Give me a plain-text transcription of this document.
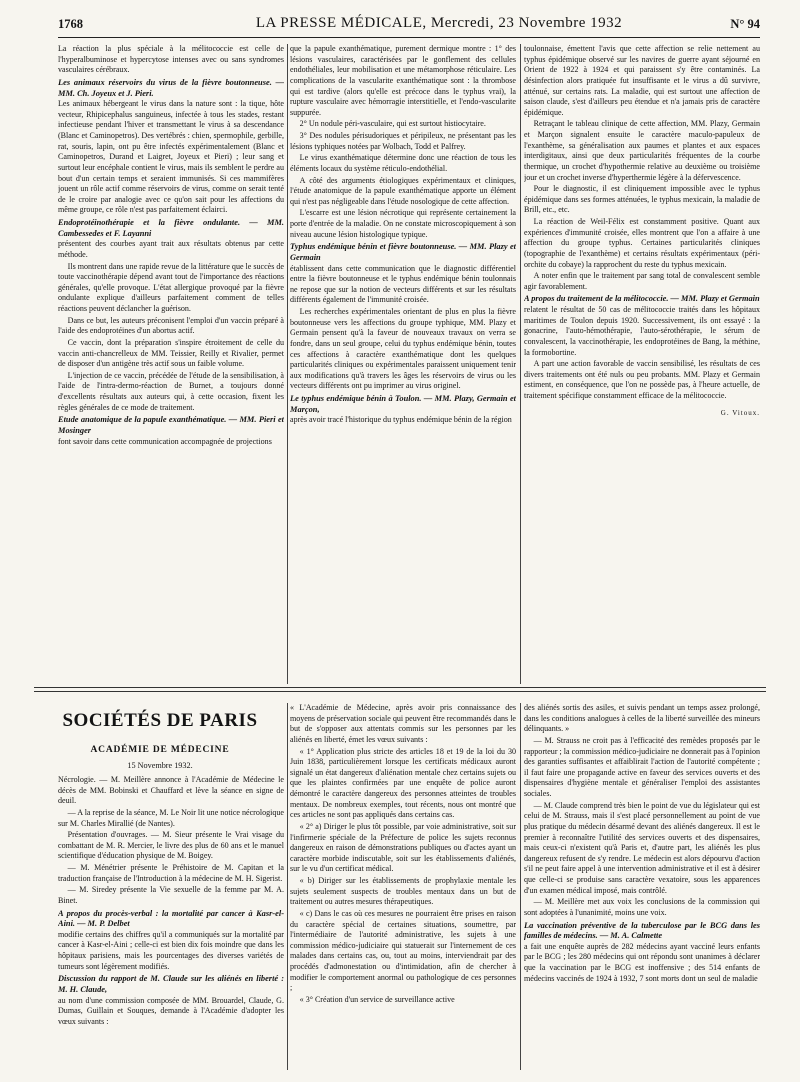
1768	LA PRESSE MÉDICALE, Mercredi, 23 Novembre 1932	N° 94

La réaction la plus spéciale à la mélitococcie est celle de l'hyperalbuminose et hypercytose intenses avec ou sans syndromes vasculaires cérébraux.

Les animaux réservoirs du virus de la fièvre boutonneuse. — MM. Ch. Joyeux et J. Pieri.

Les animaux hébergeant le virus dans la nature sont : la tique, hôte vecteur, Rhipicephalus sanguineus, infectée à tous les stades, restant infectieuse pendant l'hiver et transmettant le virus à sa descendance (Blanc et Caminopetros). Des vertébrés : chien, spermophile, gerbille, rat, souris, lapin, ont pu être infectés expérimentalement (Blanc et Caminopetros, Durand et Laigret, Joyeux et Pieri) ; leur sang et surtout leur encéphale contient le virus, mais ils semblent le perdre au bout d'un certain temps et seraient immunisés. Si ces mammifères jouent un rôle actif comme réservoirs de virus, comme on serait tenté de le croire par analogie avec ce qu'on sait pour les affections du même groupe, ce rôle n'est pas parfaitement éclairci.

Endoprotéinothérapie et la fièvre ondulante. — MM. Cambessedes et F. Layanni

présentent des courbes ayant trait aux résultats obtenus par cette méthode.

Ils montrent dans une rapide revue de la littérature que le succès de toute vaccinothérapie dépend avant tout de l'importance des réactions générales, qu'elle provoque. L'état allergique provoqué par la fièvre ondulante explique d'ailleurs parfaitement comment de telles réactions peuvent déclancher la guérison.

Dans ce but, les auteurs préconisent l'emploi d'un vaccin préparé à l'aide des endoprotéines d'un abortus actif.

Ce vaccin, dont la préparation s'inspire étroitement de celle du vaccin anti-chancrelleux de MM. Teissier, Reilly et Rivalier, permet de disposer d'un antigène très actif sous un faible volume.

L'injection de ce vaccin, précédée de l'étude de la sensibilisation, à l'aide de l'intra-dermo-réaction de Burnet, a toujours donné d'excellents résultats aux auteurs qui, à cette occasion, fixent les règles générales de ce mode de traitement.

Etude anatomique de la papule exanthématique. — MM. Pieri et Mosinger

font savoir dans cette communication accompagnée de projections

que la papule exanthématique, purement dermique montre : 1° des lésions vasculaires, caractérisées par le gonflement des cellules endothéliales, leur mobilisation et une métamorphose réticulaire. Les complications de la vascularite exanthématique sont : la thrombose qui est tardive (alors qu'elle est précoce dans le typhus vrai), la rupture vasculaire avec hémorragie interstitielle, et l'endo-vascularite suppurée.

2° Un nodule péri-vasculaire, qui est surtout histiocytaire.

3° Des nodules périsudoriques et péripileux, ne présentant pas les lésions typhiques notées par Wolbach, Todd et Palfrey.

Le virus exanthématique détermine donc une réaction de tous les éléments locaux du système réticulo-endothélial.

A côté des arguments étiologiques expérimentaux et cliniques, l'étude anatomique de la papule exanthématique apporte un élément qui n'est pas négligeable dans l'étude nosologique de cette affection.

L'escarre est une lésion nécrotique qui représente certainement la porte d'entrée de la maladie. On ne constate microscopiquement à son niveau aucune lésion histologique typique.

Typhus endémique bénin et fièvre boutonneuse. — MM. Plazy et Germain

établissent dans cette communication que le diagnostic différentiel entre la fièvre boutonneuse et le typhus endémique bénin toulonnais ne repose que sur la notion de vecteurs différents et sur les résultats différents également de l'immunité croisée.

Les recherches expérimentales orientant de plus en plus la fièvre boutonneuse vers les affections du groupe typhique, MM. Plazy et Germain pensent qu'à la faveur de nouveaux travaux on verra se fondre, dans un seul groupe, celui du typhus endémique bénin, toutes ces affections à caractère exanthématique dont les quelques particularités cliniques ou expérimentales paraissent uniquement tenir aux modifications qu'à travers les âges les réservoirs de virus ou les vecteurs différents ont pu imprimer au virus originel.

Le typhus endémique bénin à Toulon. — MM. Plazy, Germain et Marçon,

après avoir tracé l'historique du typhus endémique bénin de la région

toulonnaise, émettent l'avis que cette affection se relie nettement au typhus épidémique observé sur les navires de guerre ayant séjourné en Orient de 1922 à 1924 et qui paraissent s'y être contaminés. La désinfection alors pratiquée fut insuffisante et le virus a dû survivre, atténué, sur certains rats. La maladie, qui est surtout une affection de saison claude, s'est d'ailleurs peu étendue et n'a jamais pris de caractère épidémique.

Retraçant le tableau clinique de cette affection, MM. Plazy, Germain et Marçon signalent ensuite le caractère maculo-papuleux de l'exanthème, sa généralisation aux paumes et plantes et aux espaces interdigitaux, ainsi que deux particularités fréquentes de la courbe thermique, un crochet d'hypothermie relative au deuxième ou troisième jour et un crochet inverse d'hyperthermie légère à la défervescence.

Pour le diagnostic, il est cliniquement impossible avec le typhus épidémique dans ses formes atténuées, le typhus mexicain, la maladie de Brill, etc., etc.

La réaction de Weil-Félix est constamment positive. Quant aux expériences d'immunité croisée, elles montrent que l'on a affaire à une affection du groupe typhus. Certaines particularités cliniques (topographie de l'exanthème) et certains résultats expérimentaux (péri-orchite du cobaye) la rapprochent du reste du typhus mexicain.

A noter enfin que le traitement par sang total de convalescent semble agir favorablement.

A propos du traitement de la mélitococcie. — MM. Plazy et Germain

relatent le résultat de 50 cas de mélitococcie traités dans les hôpitaux maritimes de Toulon depuis 1920. Successivement, ils ont essayé : la gonacrine, l'auto-hémothérapie, l'auto-sérothérapie, le sérum de convalescent, la vaccinothérapie, les endoprotéines de Bang, la méthine, la formobortine.

A part une action favorable de vaccin sensibilisé, les résultats de ces divers traitements ont été nuls ou peu probants. MM. Plazy et Germain estiment, en conséquence, que l'on ne possède pas, à l'heure actuelle, de traitement spécifique constamment efficace de la mélitococcie.

G. Vitoux.
SOCIÉTÉS DE PARIS
ACADÉMIE DE MÉDECINE
15 Novembre 1932.

Nécrologie. — M. Meillère annonce à l'Académie de Médecine le décès de MM. Bobinski et Chauffard et lève la séance en signe de deuil.

— A la reprise de la séance, M. Le Noir lit une notice nécrologique sur M. Charles Mirallié (de Nantes).

Présentation d'ouvrages. — M. Sieur présente le Vrai visage du combattant de M. R. Mercier, le livre des plus de 60 ans et le manuel scientifique d'éducation physique de M. Boigey.

— M. Ménétrier présente le Préhistoire de M. Capitan et la traduction française de l'Introduction à la médecine de M. H. Sigerist.

— M. Siredey présente la Vie sexuelle de la femme par M. A. Binet.

A propos du procès-verbal : la mortalité par cancer à Kasr-el-Aini. — M. P. Delbet

modifie certains des chiffres qu'il a communiqués sur la mortalité par cancer à Kasr-el-Aini ; celle-ci est bien dix fois moindre que dans les hôpitaux parisiens, mais les pourcentages des diverses variétés de tumeurs sont légèrement modifiés.

Discussion du rapport de M. Claude sur les aliénés en liberté : M. H. Claude,

au nom d'une commission composée de MM. Brouardel, Claude, G. Dumas, Guillain et Souques, demande à l'Académie d'adopter les vœux suivants :

« L'Académie de Médecine, après avoir pris connaissance des moyens de préservation sociale qui peuvent être recommandés dans le but de s'opposer aux attentats commis sur les personnes par les aliénés en liberté, émet les vœux suivants :

« 1° Application plus stricte des articles 18 et 19 de la loi du 30 Juin 1838, particulièrement lorsque les certificats médicaux auront signalé un état dangereux d'aliénation mentale chez certains sujets ou que les plaintes confirmées par une enquête de police auront démontré le caractère dangereux des personnes atteintes de troubles mentaux. De nombreux exemples, tout récents, nous ont montré que ces articles ne sont pas appliqués dans certains cas.

« 2° a) Diriger le plus tôt possible, par voie administrative, soit sur l'infirmerie spéciale de la Préfecture de police les sujets reconnus dangereux en raison de démonstrations publiques ou d'actes ayant un caractère morbide indiscutable, soit sur les établissements d'aliénés, sur le vu d'un certificat médical.

« b) Diriger sur les établissements de prophylaxie mentale les sujets seulement suspects de troubles mentaux dans un but de traitement ou autres mesures thérapeutiques.

« c) Dans le cas où ces mesures ne pourraient être prises en raison du caractère spécial de certaines situations, soumettre, par l'intermédiaire de l'autorité administrative, les sujets à une commission médico-judiciaire qui statuerait sur l'internement de ces malades dans certains cas, ou, tout au moins, interviendrait par des procédés d'admonestation ou d'intimidation, afin de chercher à modifier le comportement anormal ou pathologique de ces personnes ;

« 3° Création d'un service de surveillance active

des aliénés sortis des asiles, et suivis pendant un temps assez prolongé, dans les conditions analogues à celles de la liberté surveillée des mineurs délinquants. »

— M. Strauss ne croit pas à l'efficacité des remèdes proposés par le rapporteur ; la commission médico-judiciaire ne donnerait pas à l'opinion des garanties suffisantes et affaiblirait l'action de l'autorité compétente ; il faut faire une propagande active en faveur des services ouverts et des dispensaires d'hygiène mentale et généraliser l'emploi des assistantes sociales.

— M. Claude comprend très bien le point de vue du législateur qui est celui de M. Strauss, mais il s'est placé personnellement au point de vue plus pratique du médecin désarmé devant des aliénés dangereux. Il est le premier à reconnaître l'utilité des services ouverts et des dispensaires, mais ceux-ci n'existent qu'à Paris et, d'autre part, les aliénés les plus dangereux refusent de s'y rendre. Le médecin est alors dépourvu d'action s'il ne peut faire appel à une intervention administrative et il est à désirer que celle-ci se produise sans caractère vexatoire, sous les apparences d'un examen médical imposé, mais contrôlé.

— M. Meillère met aux voix les conclusions de la commission qui sont adoptées à l'unanimité, moins une voix.

La vaccination préventive de la tuberculose par le BCG dans les familles de médecins. — M. A. Calmette

a fait une enquête auprès de 282 médecins ayant vacciné leurs enfants par le BCG ; les 280 médecins qui ont répondu sont unanimes à déclarer que la vaccination par le BCG est inoffensive ; des 514 enfants de médecins vaccinés de 1924 à 1932, 7 sont morts dont un seul de maladie
